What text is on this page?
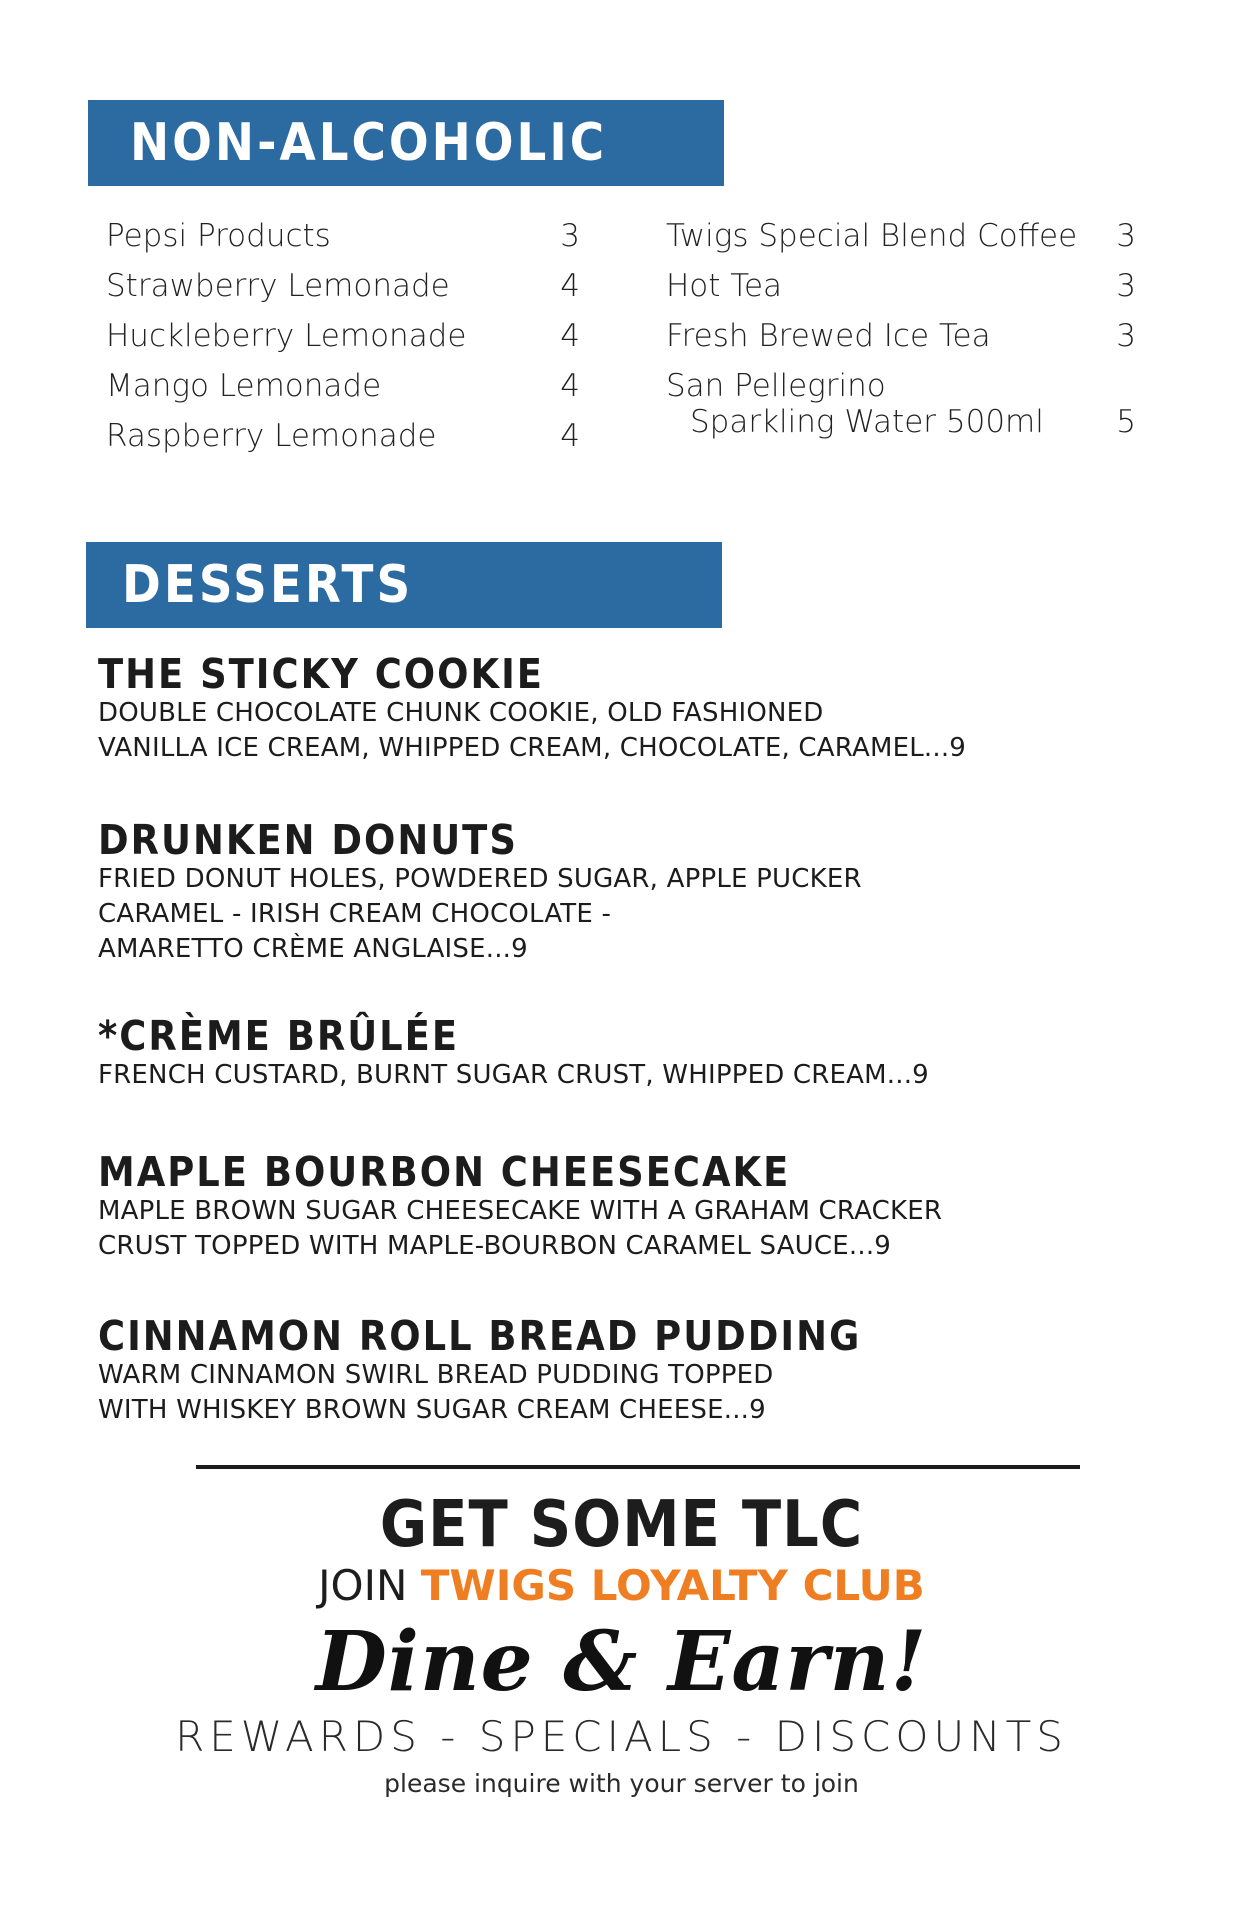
NON-ALCOHOLIC
Pepsi Products	3
Strawberry Lemonade	4
Huckleberry Lemonade	4
Mango Lemonade	4
Raspberry Lemonade	4
Twigs Special Blend Coffee 3
Hot Tea	3
Fresh Brewed Ice Tea	3
San Pellegrino
Sparkling Water 500ml 5
DESSERTS
THE STICKY COOKIE
DOUBLE CHOCOLATE CHUNK COOKIE, OLD FASHIONED
VANILLA ICE CREAM, WHIPPED CREAM, CHOCOLATE, CARAMEL...9
DRUNKEN DONUTS
FRIED DONUT HOLES, POWDERED SUGAR, APPLE PUCKER
CARAMEL - IRISH CREAM CHOCOLATE -
AMARETTO CRÈME ANGLAISE...9
*CRÈME BRÛLÉE
FRENCH CUSTARD, BURNT SUGAR CRUST, WHIPPED CREAM...9
MAPLE BOURBON CHEESECAKE
MAPLE BROWN SUGAR CHEESECAKE WITH A GRAHAM CRACKER
CRUST TOPPED WITH MAPLE-BOURBON CARAMEL SAUCE...9
CINNAMON ROLL BREAD PUDDING
WARM CINNAMON SWIRL BREAD PUDDING TOPPED
WITH WHISKEY BROWN SUGAR CREAM CHEESE...9
GET SOME TLC
JOIN TWIGS LOYALTY CLUB
Dine & Earn!
REWARDS - SPECIALS - DISCOUNTS
please inquire with your server to join
